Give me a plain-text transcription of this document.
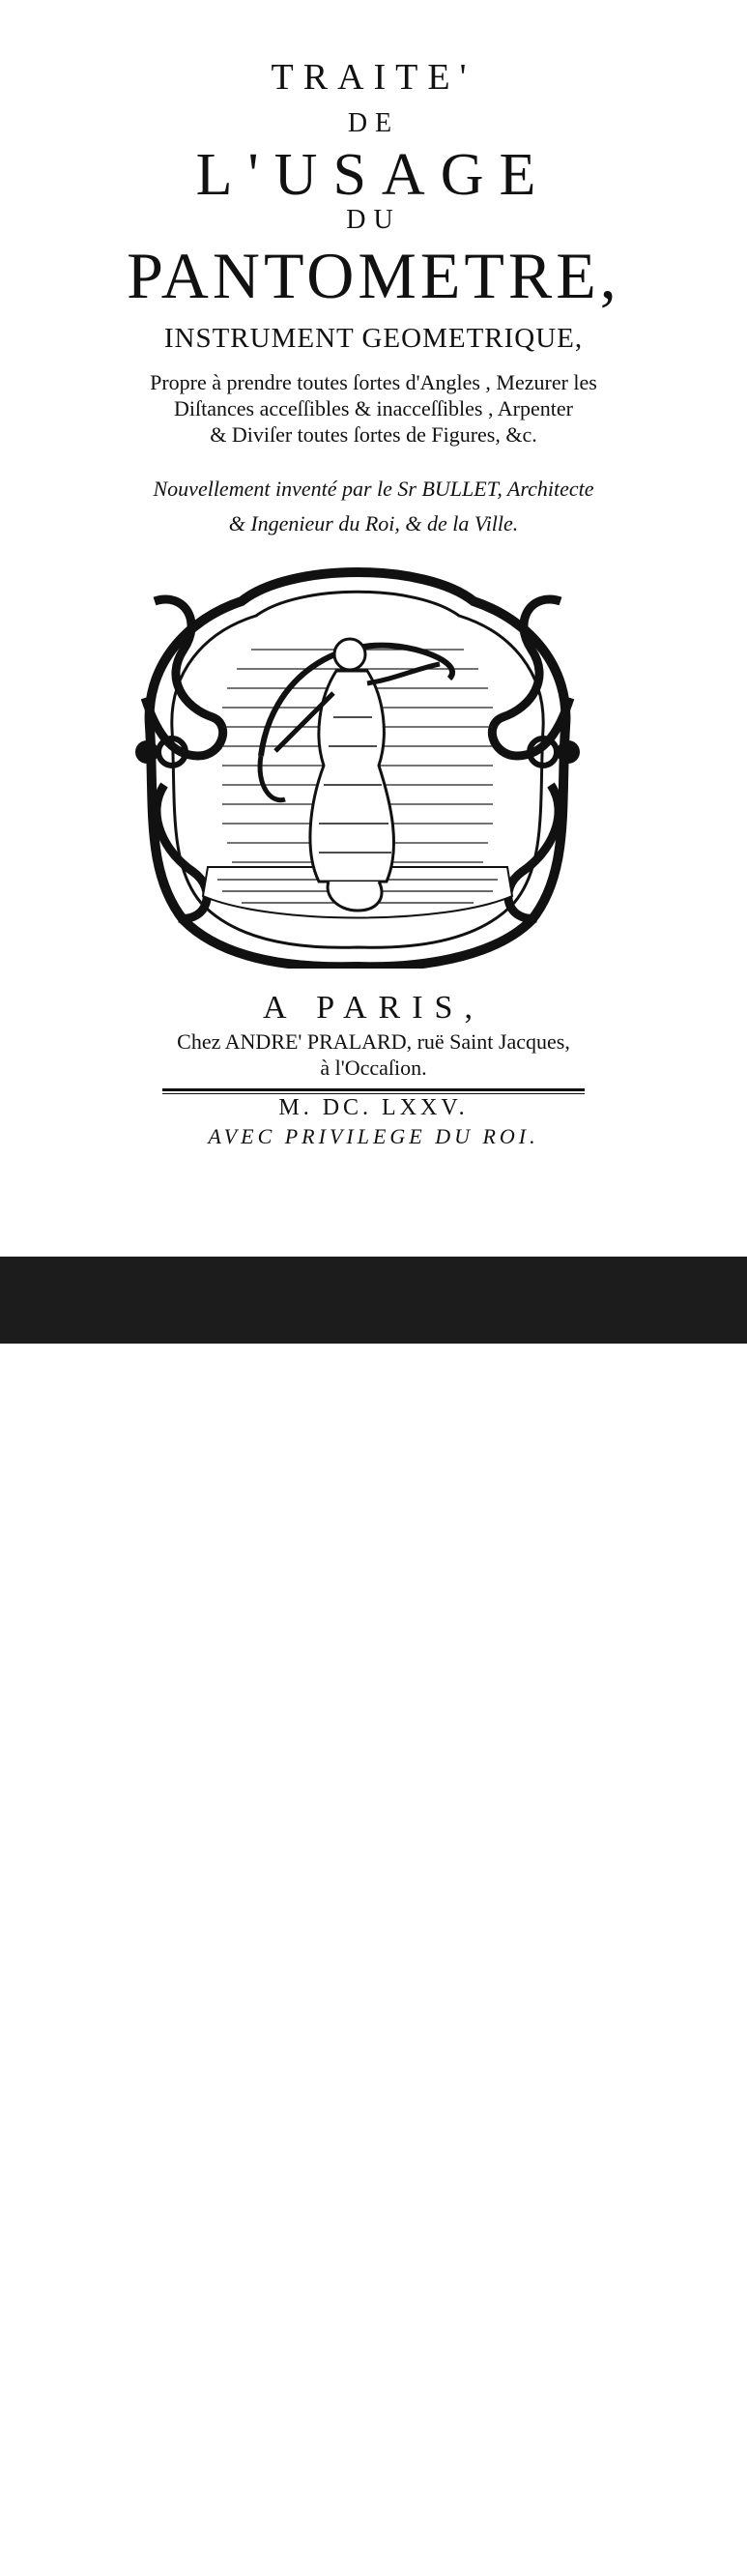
TRAITE'
DE
L'USAGE
DU
PANTOMETRE,
INSTRUMENT GEOMETRIQUE,
Propre à prendre toutes ſortes d'Angles , Mezurer les
Diſtances acceſſibles & inacceſſibles , Arpenter
& Diviſer toutes ſortes de Figures, &c.
Nouvellement inventé par le Sr BULLET, Architecte
& Ingenieur du Roi, & de la Ville.
A PARIS,
Chez ANDRE' PRALARD, ruë Saint Jacques,
à l'Occaſion.
M. DC. LXXV.
AVEC PRIVILEGE DU ROI.
alamy	Image ID: JFWETM
www.alamy.com
